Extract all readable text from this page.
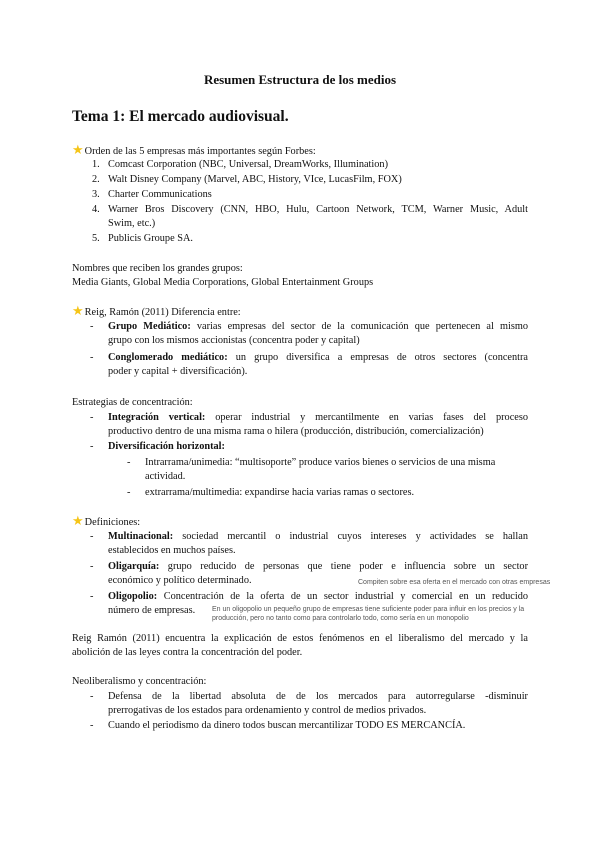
Resumen Estructura de los medios
Tema 1: El mercado audiovisual.
★Orden de las 5 empresas más importantes según Forbes:
1. Comcast Corporation (NBC, Universal, DreamWorks, Illumination)
2. Walt Disney Company (Marvel, ABC, History, VIce, LucasFilm, FOX)
3. Charter Communications
4. Warner Bros Discovery (CNN, HBO, Hulu, Cartoon Network, TCM, Warner Music, Adult
Swim, etc.)
5. Publicis Groupe SA.
Nombres que reciben los grandes grupos:
Media Giants, Global Media Corporations, Global Entertainment Groups
★Reig, Ramón (2011) Diferencia entre:
- Grupo Mediático: varias empresas del sector de la comunicación que pertenecen al mismo
grupo con los mismos accionistas (concentra poder y capital)
- Conglomerado mediático: un grupo diversifica a empresas de otros sectores (concentra
poder y capital + diversificación).
Estrategias de concentración:
- Integración vertical: operar industrial y mercantilmente en varias fases del proceso
productivo dentro de una misma rama o hilera (producción, distribución, comercialización)
- Diversificación horizontal:
- Intrarrama/unimedia: “multisoporte” produce varios bienes o servicios de una misma
actividad.
- extrarrama/multimedia: expandirse hacia varias ramas o sectores.
★Definiciones:
- Multinacional: sociedad mercantil o industrial cuyos intereses y actividades se hallan
establecidos en muchos países.
- Oligarquía: grupo reducido de personas que tiene poder e influencia sobre un sector
económico y político determinado.	Compiten sobre esa oferta en el mercado con otras empresas
- Oligopolio: Concentración de la oferta de un sector industrial y comercial en un reducido
número de empresas. En un oligopolio un pequeño grupo de empresas tiene suficiente poder para influir en los precios y la
producción, pero no tanto como para controlarlo todo, como sería en un monopolio
Reig Ramón (2011) encuentra la explicación de estos fenómenos en el liberalismo del mercado y la
abolición de las leyes contra la concentración del poder.
Neoliberalismo y concentración:
- Defensa de la libertad absoluta de de los mercados para autorregularse -disminuir
prerrogativas de los estados para ordenamiento y control de medios privados.
- Cuando el periodismo da dinero todos buscan mercantilizar TODO ES MERCANCÍA.
